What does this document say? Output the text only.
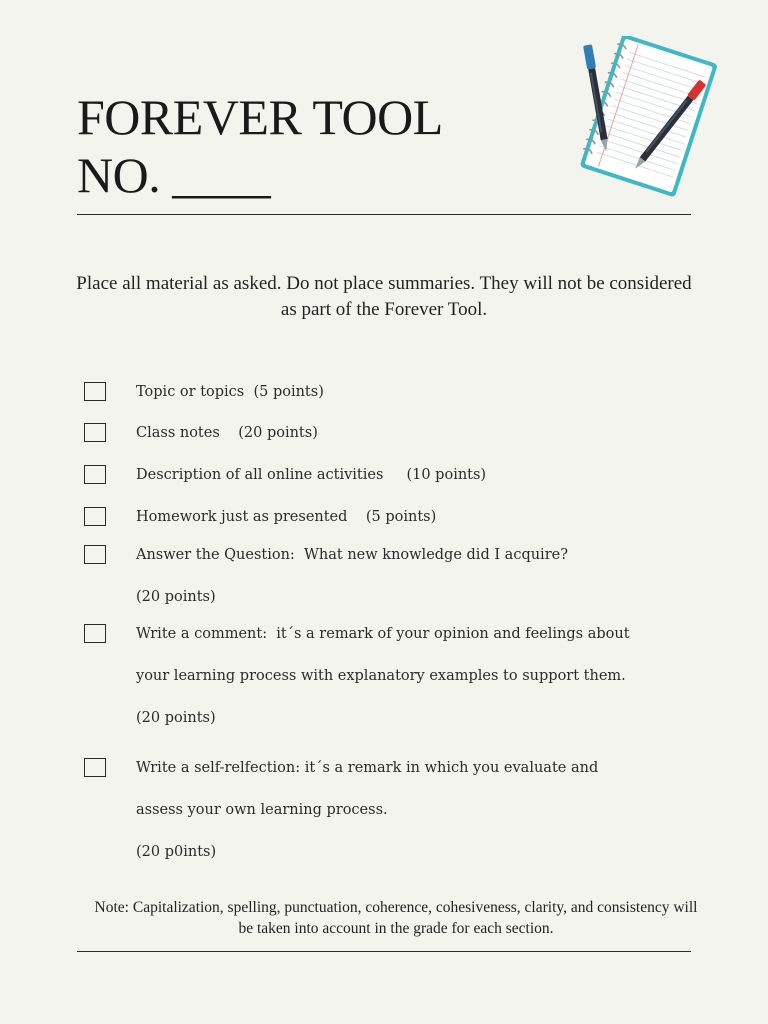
FOREVER TOOL
NO. ____

Place all material as asked. Do not place summaries. They will not be considered as part of the Forever Tool.

Topic or topics  (5 points)
Class notes    (20 points)
Description of all online activities     (10 points)
Homework just as presented    (5 points)
Answer the Question:  What new knowledge did I acquire?
(20 points)
Write a comment:  it´s a remark of your opinion and feelings about
your learning process with explanatory examples to support them.
(20 points)
Write a self-relfection: it´s a remark in which you evaluate and
assess your own learning process.
(20 p0ints)

Note: Capitalization, spelling, punctuation, coherence, cohesiveness, clarity, and consistency will be taken into account in the grade for each section.
